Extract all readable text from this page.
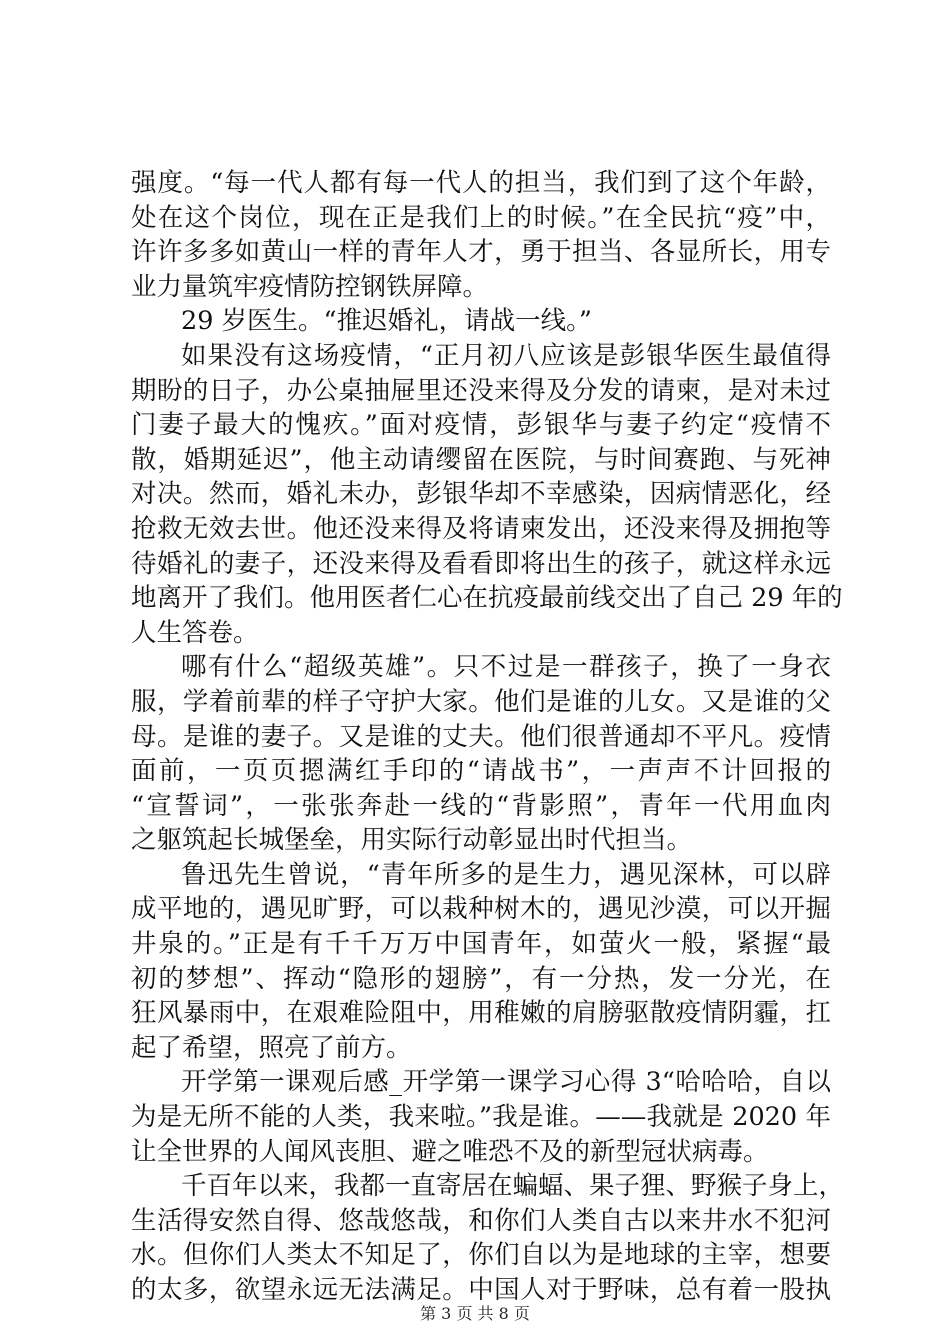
强度。“每一代人都有每一代人的担当，我们到了这个年龄，
处在这个岗位，现在正是我们上的时候。”在全民抗“疫”中，
许许多多如黄山一样的青年人才，勇于担当、各显所长，用专
业力量筑牢疫情防控钢铁屏障。
29 岁医生。“推迟婚礼，请战一线。”
如果没有这场疫情，“正月初八应该是彭银华医生最值得
期盼的日子，办公桌抽屉里还没来得及分发的请柬，是对未过
门妻子最大的愧疚。”面对疫情，彭银华与妻子约定“疫情不
散，婚期延迟”，他主动请缨留在医院，与时间赛跑、与死神
对决。然而，婚礼未办，彭银华却不幸感染，因病情恶化，经
抢救无效去世。他还没来得及将请柬发出，还没来得及拥抱等
待婚礼的妻子，还没来得及看看即将出生的孩子，就这样永远
地离开了我们。他用医者仁心在抗疫最前线交出了自己 29 年的
人生答卷。
哪有什么“超级英雄”。只不过是一群孩子，换了一身衣
服，学着前辈的样子守护大家。他们是谁的儿女。又是谁的父
母。是谁的妻子。又是谁的丈夫。他们很普通却不平凡。疫情
面前，一页页摁满红手印的“请战书”，一声声不计回报的
“宣誓词”，一张张奔赴一线的“背影照”，青年一代用血肉
之躯筑起长城堡垒，用实际行动彰显出时代担当。
鲁迅先生曾说，“青年所多的是生力，遇见深林，可以辟
成平地的，遇见旷野，可以栽种树木的，遇见沙漠，可以开掘
井泉的。”正是有千千万万中国青年，如萤火一般，紧握“最
初的梦想”、挥动“隐形的翅膀”，有一分热，发一分光，在
狂风暴雨中，在艰难险阻中，用稚嫩的肩膀驱散疫情阴霾，扛
起了希望，照亮了前方。
开学第一课观后感_开学第一课学习心得 3“哈哈哈，自以
为是无所不能的人类，我来啦。”我是谁。——我就是 2020 年
让全世界的人闻风丧胆、避之唯恐不及的新型冠状病毒。
千百年以来，我都一直寄居在蝙蝠、果子狸、野猴子身上，
生活得安然自得、悠哉悠哉，和你们人类自古以来井水不犯河
水。但你们人类太不知足了，你们自以为是地球的主宰，想要
的太多，欲望永远无法满足。中国人对于野味，总有着一股执
第 3 页 共 8 页
